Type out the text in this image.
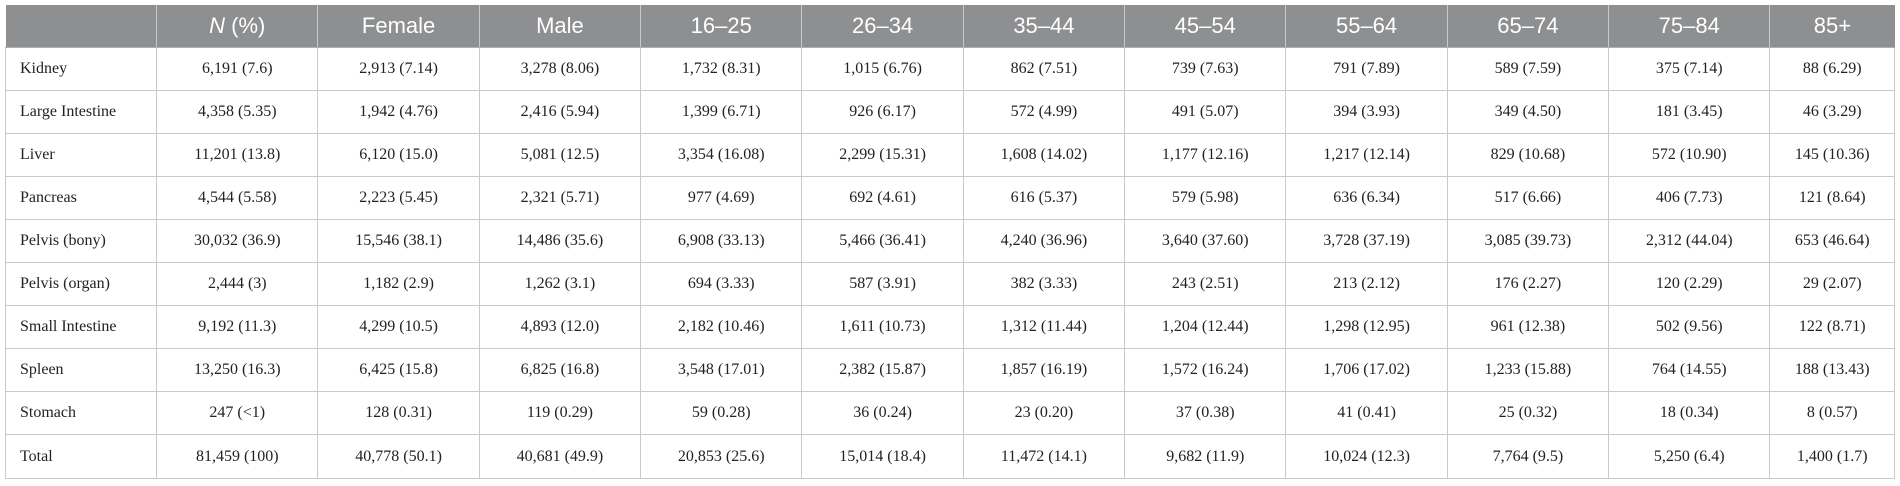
	N (%)	Female	Male	16–25	26–34	35–44	45–54	55–64	65–74	75–84	85+
Kidney	6,191 (7.6)	2,913 (7.14)	3,278 (8.06)	1,732 (8.31)	1,015 (6.76)	862 (7.51)	739 (7.63)	791 (7.89)	589 (7.59)	375 (7.14)	88 (6.29)
Large Intestine	4,358 (5.35)	1,942 (4.76)	2,416 (5.94)	1,399 (6.71)	926 (6.17)	572 (4.99)	491 (5.07)	394 (3.93)	349 (4.50)	181 (3.45)	46 (3.29)
Liver	11,201 (13.8)	6,120 (15.0)	5,081 (12.5)	3,354 (16.08)	2,299 (15.31)	1,608 (14.02)	1,177 (12.16)	1,217 (12.14)	829 (10.68)	572 (10.90)	145 (10.36)
Pancreas	4,544 (5.58)	2,223 (5.45)	2,321 (5.71)	977 (4.69)	692 (4.61)	616 (5.37)	579 (5.98)	636 (6.34)	517 (6.66)	406 (7.73)	121 (8.64)
Pelvis (bony)	30,032 (36.9)	15,546 (38.1)	14,486 (35.6)	6,908 (33.13)	5,466 (36.41)	4,240 (36.96)	3,640 (37.60)	3,728 (37.19)	3,085 (39.73)	2,312 (44.04)	653 (46.64)
Pelvis (organ)	2,444 (3)	1,182 (2.9)	1,262 (3.1)	694 (3.33)	587 (3.91)	382 (3.33)	243 (2.51)	213 (2.12)	176 (2.27)	120 (2.29)	29 (2.07)
Small Intestine	9,192 (11.3)	4,299 (10.5)	4,893 (12.0)	2,182 (10.46)	1,611 (10.73)	1,312 (11.44)	1,204 (12.44)	1,298 (12.95)	961 (12.38)	502 (9.56)	122 (8.71)
Spleen	13,250 (16.3)	6,425 (15.8)	6,825 (16.8)	3,548 (17.01)	2,382 (15.87)	1,857 (16.19)	1,572 (16.24)	1,706 (17.02)	1,233 (15.88)	764 (14.55)	188 (13.43)
Stomach	247 (<1)	128 (0.31)	119 (0.29)	59 (0.28)	36 (0.24)	23 (0.20)	37 (0.38)	41 (0.41)	25 (0.32)	18 (0.34)	8 (0.57)
Total	81,459 (100)	40,778 (50.1)	40,681 (49.9)	20,853 (25.6)	15,014 (18.4)	11,472 (14.1)	9,682 (11.9)	10,024 (12.3)	7,764 (9.5)	5,250 (6.4)	1,400 (1.7)
